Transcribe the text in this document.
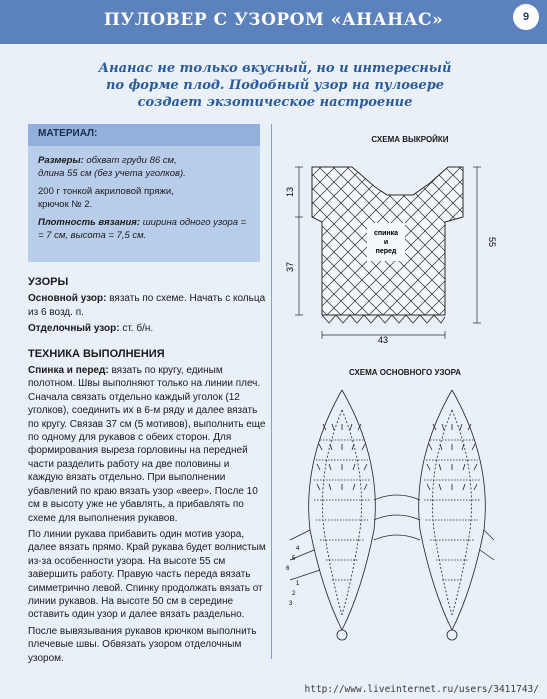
ПУЛОВЕР С УЗОРОМ «АНАНАС»	9
Ананас не только вкусный, но и интересный
по форме плод. Подобный узор на пуловере
создает экзотическое настроение
МАТЕРИАЛ:

Размеры: обхват груди 86 см,
длина 55 см (без учета уголков).

200 г тонкой акриловой пряжи,
крючок № 2.

Плотность вязания: ширина одного узора =
= 7 см, высота = 7,5 см.

УЗОРЫ

Основной узор: вязать по схеме. Начать с кольца из 6 возд. п.

Отделочный узор: ст. б/н.

ТЕХНИКА ВЫПОЛНЕНИЯ

Спинка и перед: вязать по кругу, единым полотном. Швы выполняют только на линии плеч. Сначала связать отдельно каждый уголок (12 уголков), соединить их в 6-м ряду и далее вязать по кругу. Связав 37 см (5 мотивов), выполнить еще по одному для рукавов с обеих сторон. Для формирования выреза горловины на передней части разделить работу на две половины и каждую вязать отдельно. При выполнении убавлений по краю вязать узор «веер». После 10 см в высоту уже не убавлять, а прибавлять по схеме для выполнения рукавов.

По линии рукава прибавить один мотив узора, далее вязать прямо. Край рукава будет волнистым из-за особенности узора. На высоте 55 см завершить работу. Правую часть переда вязать симметрично левой. Спинку продолжать вязать от линии рукавов. На высоте 50 см в середине оставить один узор и далее вязать раздельно.

После вывязывания рукавов крючком выполнить плечевые швы. Обвязать узором отделочным узором.

СХЕМА ВЫКРОЙКИ
спинка
и
перед
13
37
55
43
СХЕМА ОСНОВНОГО УЗОРА
1
2
3
4
5
6
http://www.liveinternet.ru/users/3411743/
